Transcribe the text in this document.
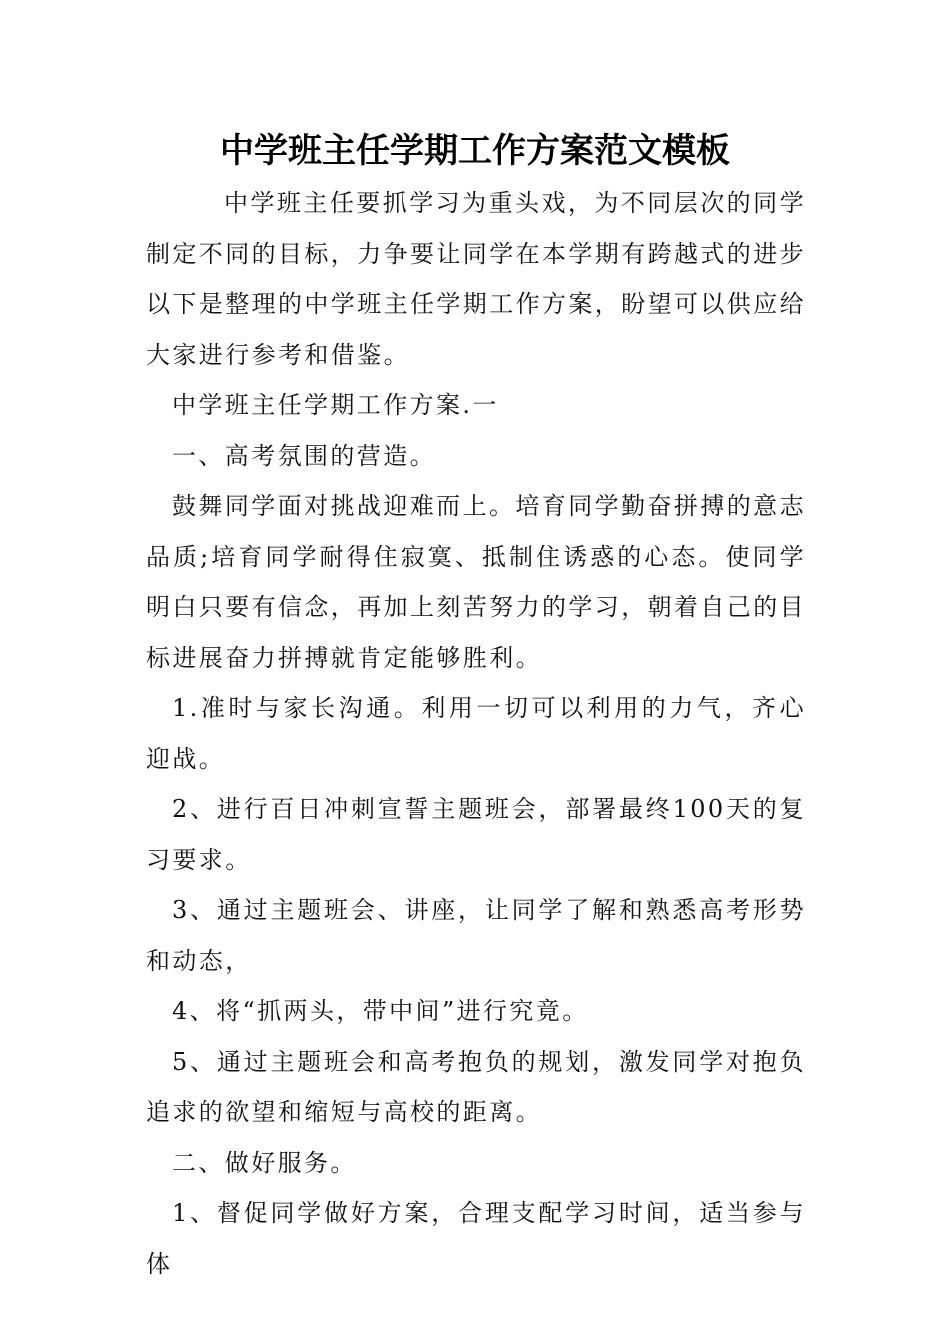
中学班主任学期工作方案范文模板

中学班主任要抓学习为重头戏，为不同层次的同学制定不同的目标，力争要让同学在本学期有跨越式的进步以下是整理的中学班主任学期工作方案，盼望可以供应给大家进行参考和借鉴。

中学班主任学期工作方案.一

一、高考氛围的营造。

鼓舞同学面对挑战迎难而上。培育同学勤奋拼搏的意志品质;培育同学耐得住寂寞、抵制住诱惑的心态。使同学明白只要有信念，再加上刻苦努力的学习，朝着自己的目标进展奋力拼搏就肯定能够胜利。

1.准时与家长沟通。利用一切可以利用的力气，齐心迎战。

2、进行百日冲刺宣誓主题班会，部署最终100天的复习要求。

3、通过主题班会、讲座，让同学了解和熟悉高考形势和动态，

4、将“抓两头，带中间”进行究竟。

5、通过主题班会和高考抱负的规划，激发同学对抱负追求的欲望和缩短与高校的距离。

二、做好服务。

1、督促同学做好方案，合理支配学习时间，适当参与体
